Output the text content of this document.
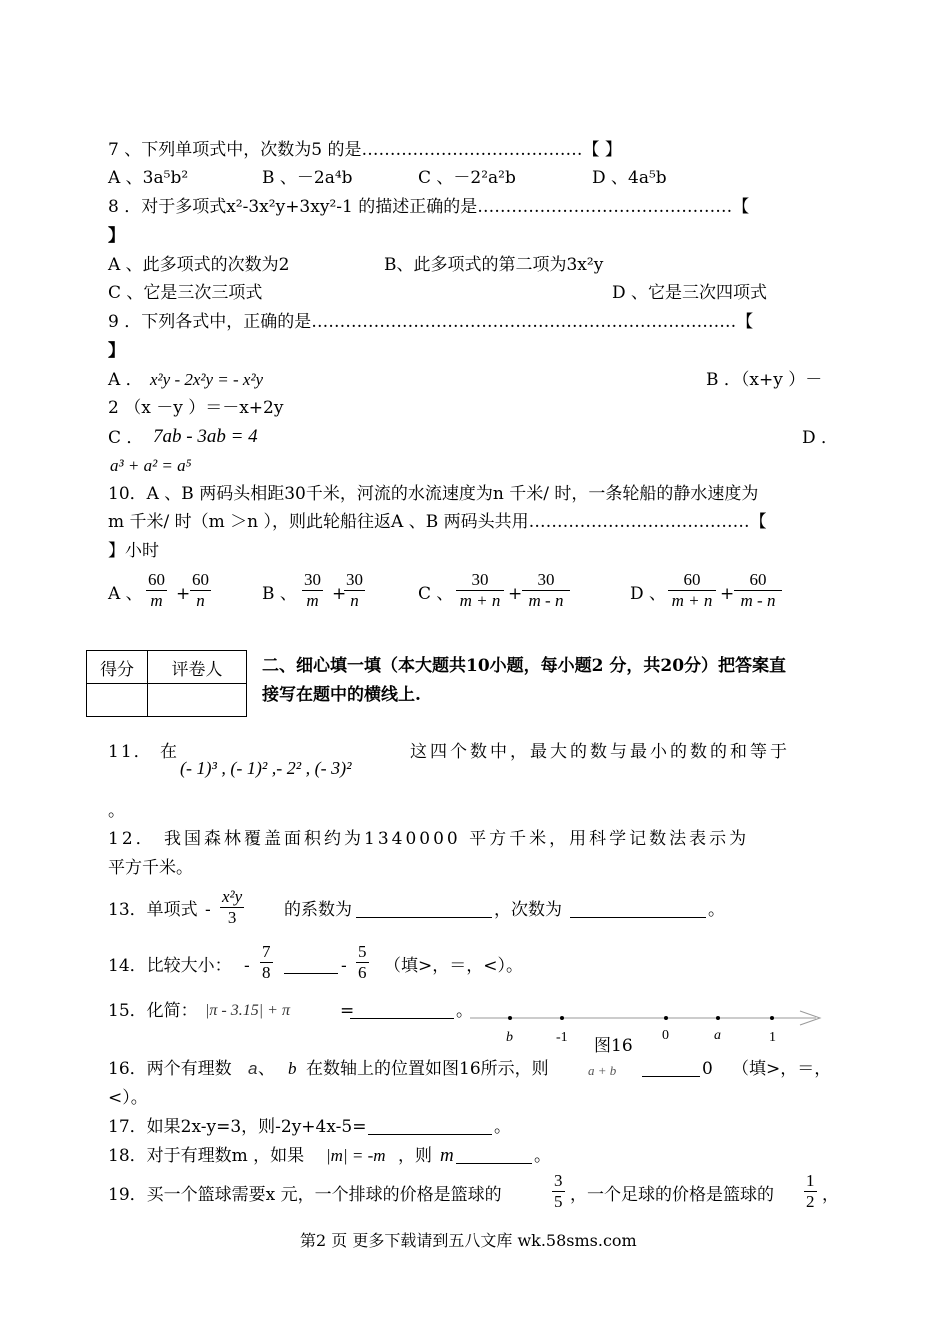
7 、下列单项式中，次数为5 的是…………………………………【 】
A 、3a⁵b²	B 、－2a⁴b	C 、－2²a²b	D 、4a⁵b
8 ．对于多项式x²-3x²y+3xy²-1 的描述正确的是………………………………………【
】
A 、此多项式的次数为2	B、此多项式的第二项为3x²y
C 、它是三次三项式	D 、它是三次四项式
9 ．下列各式中，正确的是…………………………………………………………………【
】
A ． x²y - 2x²y = - x²y	B ．（x+y ）－
2 （x －y ）＝－x+2y
C ． 7ab - 3ab = 4	D ．
a³ + a² = a⁵
10．A 、B 两码头相距30千米，河流的水流速度为n 千米/ 时，一条轮船的静水速度为
m 千米/ 时（m ＞n ），则此轮船往返A 、B 两码头共用…………………………………【
】小时
A 、 $\frac{60}{m} + \frac{60}{n}$	B 、 $\frac{30}{m}$ +
$\frac{30}{n}$	C 、 $\frac{30}{m + n} + \frac{30}{m - n}$	D 、 $\frac{60}{m + n} + \frac{60}{m - n}$
得分	评卷人
	二、细心填一填（本大题共10小题，每小题2 分，共20分）把答案直
接写在题中的横线上.
11． 在
(- 1)³ , (- 1)² ,- 2² , (- 3)²
这四个数中，最大的数与最小的数的和等于
。
12． 我国森林覆盖面积约为1340000 平方千米，用科学记数法表示为
平方千米。
13．单项式 - $\frac{\text{x²y}}{3}$ 的系数为	，次数为	。
14．比较大小： - $\frac{7}{8}$	- $\frac{5}{6}$ （填>，＝，<）。
15．化简： |π - 3.15| + π	=	。
b	-1	0	a	1
图16
16．两个有理数 a 、 b 在数轴上的位置如图16所示，则	a + b	0 （填>，＝，
<）。
17．如果2x-y=3，则-2y+4x-5=	。
18．对于有理数m ，如果 |m| = -m ，则 m	。
19．买一个篮球需要x 元，一个排球的价格是篮球的	$\frac{3}{5}$ ，一个足球的价格是篮球的 $\frac{1}{2}$ ，
第2 页 更多下载请到五八文库 wk.58sms.com
